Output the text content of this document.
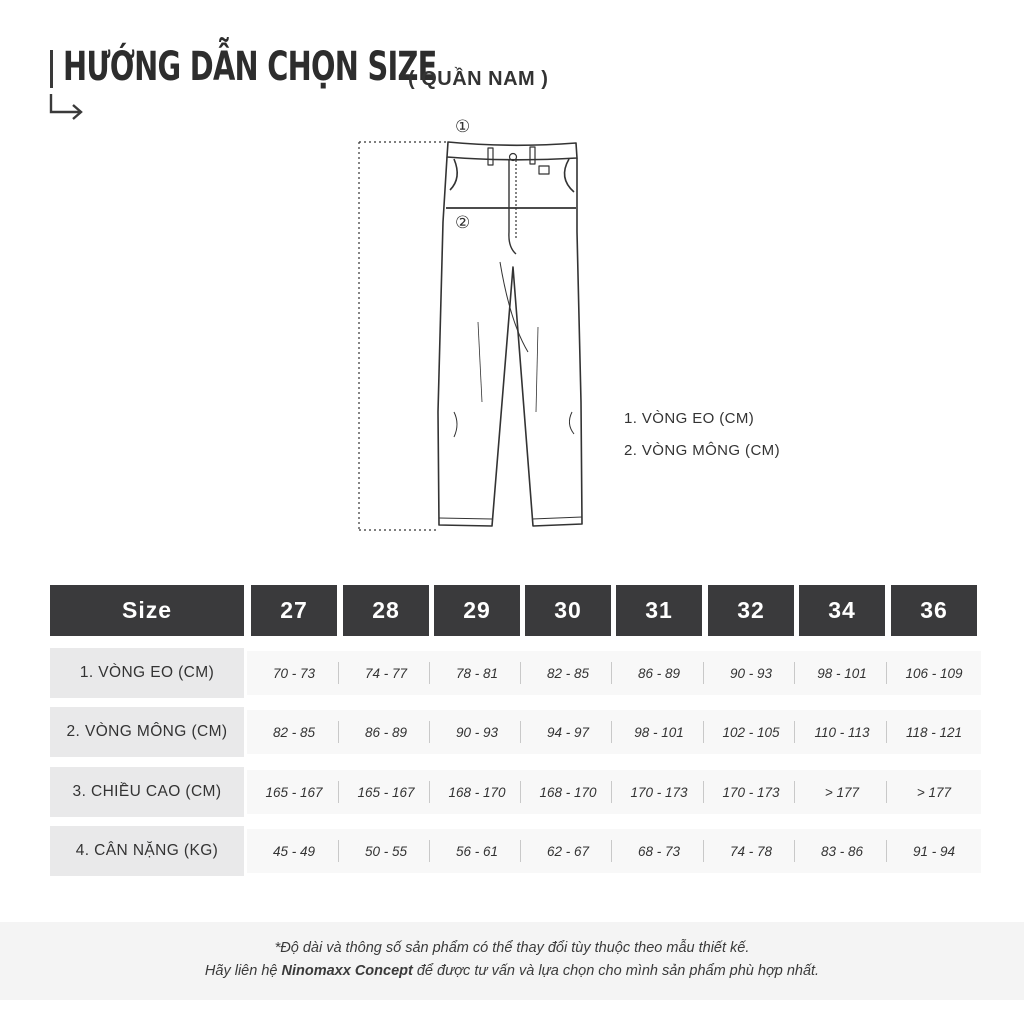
HƯỚNG DẪN CHỌN SIZE
( QUẦN NAM )
①
②
1. VÒNG EO (CM)
2. VÒNG MÔNG (CM)
Size	27	28	29	30	31	32	34	36
1. VÒNG EO (CM)	70 - 73	74 - 77	78 - 81	82 - 85	86 - 89	90 - 93	98 - 101	106 - 109
2. VÒNG MÔNG (CM)	82 - 85	86 - 89	90 - 93	94 - 97	98 - 101	102 - 105	110 - 113	118 - 121
3. CHIỀU CAO (CM)	165 - 167	165 - 167	168 - 170	168 - 170	170 - 173	170 - 173	> 177	> 177
4. CÂN NẶNG (KG)	45 - 49	50 - 55	56 - 61	62 - 67	68 - 73	74 - 78	83 - 86	91 - 94
*Độ dài và thông số sản phẩm có thể thay đổi tùy thuộc theo mẫu thiết kế.
Hãy liên hệ Ninomaxx Concept để được tư vấn và lựa chọn cho mình sản phẩm phù hợp nhất.
